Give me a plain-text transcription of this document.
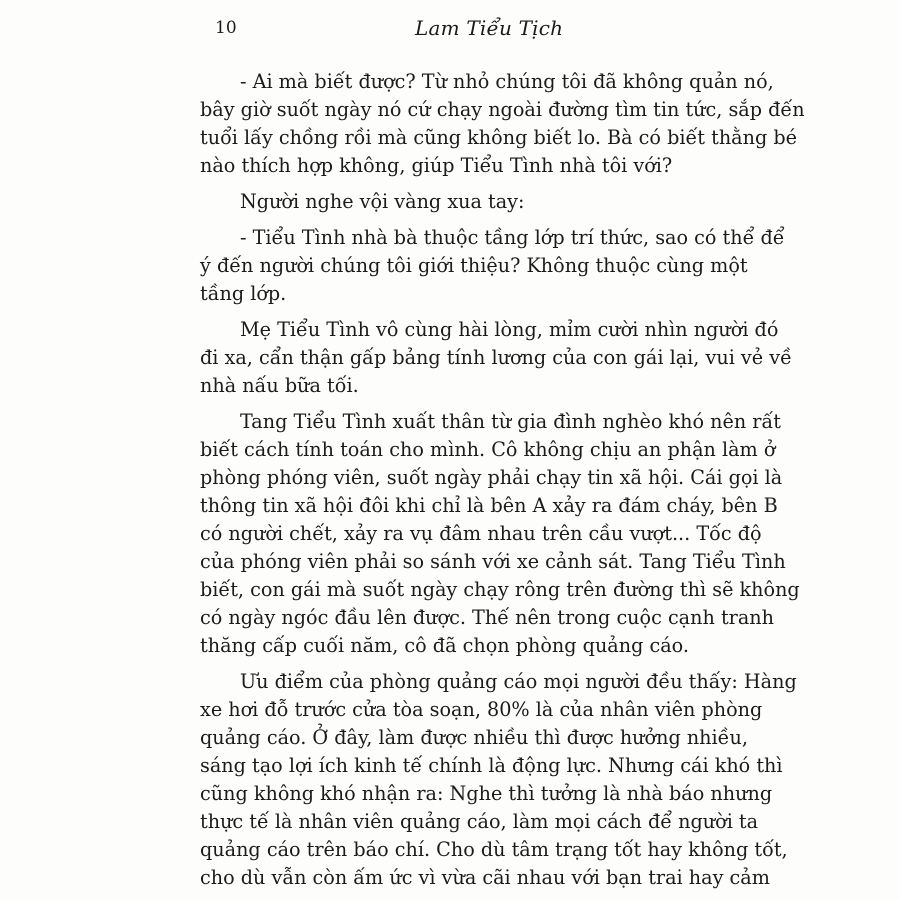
10	Lam Tiểu Tịch
- Ai mà biết được? Từ nhỏ chúng tôi đã không quản nó,
bây giờ suốt ngày nó cứ chạy ngoài đường tìm tin tức, sắp đến
tuổi lấy chồng rồi mà cũng không biết lo. Bà có biết thằng bé
nào thích hợp không, giúp Tiểu Tình nhà tôi với?
Người nghe vội vàng xua tay:
- Tiểu Tình nhà bà thuộc tầng lớp trí thức, sao có thể để
ý đến người chúng tôi giới thiệu? Không thuộc cùng một
tầng lớp.
Mẹ Tiểu Tình vô cùng hài lòng, mỉm cười nhìn người đó
đi xa, cẩn thận gấp bảng tính lương của con gái lại, vui vẻ về
nhà nấu bữa tối.
Tang Tiểu Tình xuất thân từ gia đình nghèo khó nên rất
biết cách tính toán cho mình. Cô không chịu an phận làm ở
phòng phóng viên, suốt ngày phải chạy tin xã hội. Cái gọi là
thông tin xã hội đôi khi chỉ là bên A xảy ra đám cháy, bên B
có người chết, xảy ra vụ đâm nhau trên cầu vượt... Tốc độ
của phóng viên phải so sánh với xe cảnh sát. Tang Tiểu Tình
biết, con gái mà suốt ngày chạy rông trên đường thì sẽ không
có ngày ngóc đầu lên được. Thế nên trong cuộc cạnh tranh
thăng cấp cuối năm, cô đã chọn phòng quảng cáo.
Ưu điểm của phòng quảng cáo mọi người đều thấy: Hàng
xe hơi đỗ trước cửa tòa soạn, 80% là của nhân viên phòng
quảng cáo. Ở đây, làm được nhiều thì được hưởng nhiều,
sáng tạo lợi ích kinh tế chính là động lực. Nhưng cái khó thì
cũng không khó nhận ra: Nghe thì tưởng là nhà báo nhưng
thực tế là nhân viên quảng cáo, làm mọi cách để người ta
quảng cáo trên báo chí. Cho dù tâm trạng tốt hay không tốt,
cho dù vẫn còn ấm ức vì vừa cãi nhau với bạn trai hay cảm
